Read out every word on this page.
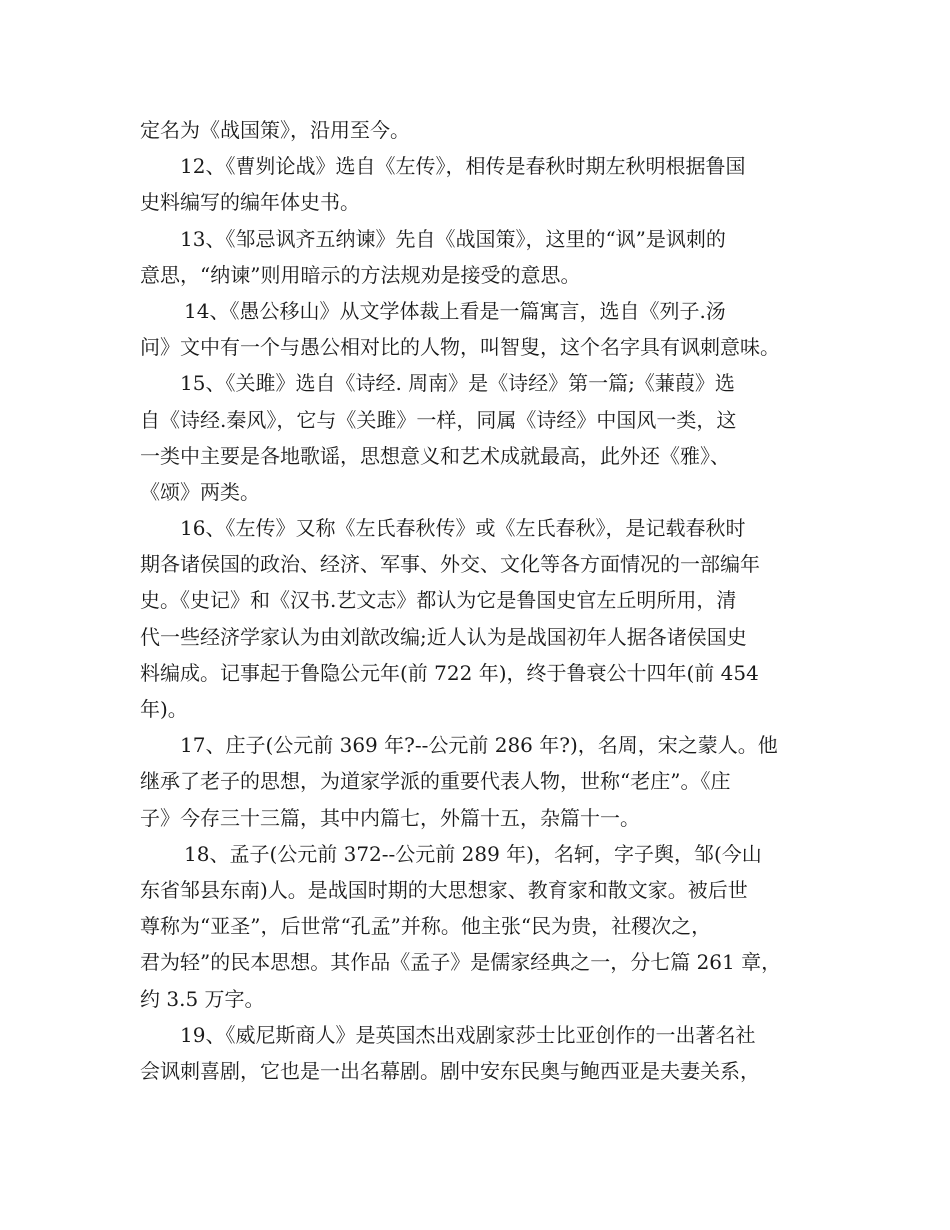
定名为《战国策》，沿用至今。
12、《曹刿论战》选自《左传》，相传是春秋时期左秋明根据鲁国
史料编写的编年体史书。
13、《邹忌讽齐五纳谏》先自《战国策》，这里的“讽”是讽刺的
意思，“纳谏”则用暗示的方法规劝是接受的意思。
14、《愚公移山》从文学体裁上看是一篇寓言，选自《列子.汤
问》文中有一个与愚公相对比的人物，叫智叟，这个名字具有讽刺意味。
15、《关雎》选自《诗经. 周南》是《诗经》第一篇;《蒹葭》选
自《诗经.秦风》，它与《关雎》一样，同属《诗经》中国风一类，这
一类中主要是各地歌谣，思想意义和艺术成就最高，此外还《雅》、
《颂》两类。
16、《左传》又称《左氏春秋传》或《左氏春秋》，是记载春秋时
期各诸侯国的政治、经济、军事、外交、文化等各方面情况的一部编年
史。《史记》和《汉书.艺文志》都认为它是鲁国史官左丘明所用，清
代一些经济学家认为由刘歆改编;近人认为是战国初年人据各诸侯国史
料编成。记事起于鲁隐公元年(前 722 年)，终于鲁衰公十四年(前 454
年)。
17、庄子(公元前 369 年?--公元前 286 年?)，名周，宋之蒙人。他
继承了老子的思想，为道家学派的重要代表人物，世称“老庄”。《庄
子》今存三十三篇，其中内篇七，外篇十五，杂篇十一。
18、孟子(公元前 372--公元前 289 年)，名轲，字子舆，邹(今山
东省邹县东南)人。是战国时期的大思想家、教育家和散文家。被后世
尊称为“亚圣”，后世常“孔孟”并称。他主张“民为贵，社稷次之，
君为轻”的民本思想。其作品《孟子》是儒家经典之一，分七篇 261 章，
约 3.5 万字。
19、《威尼斯商人》是英国杰出戏剧家莎士比亚创作的一出著名社
会讽刺喜剧，它也是一出名幕剧。剧中安东民奥与鲍西亚是夫妻关系，
